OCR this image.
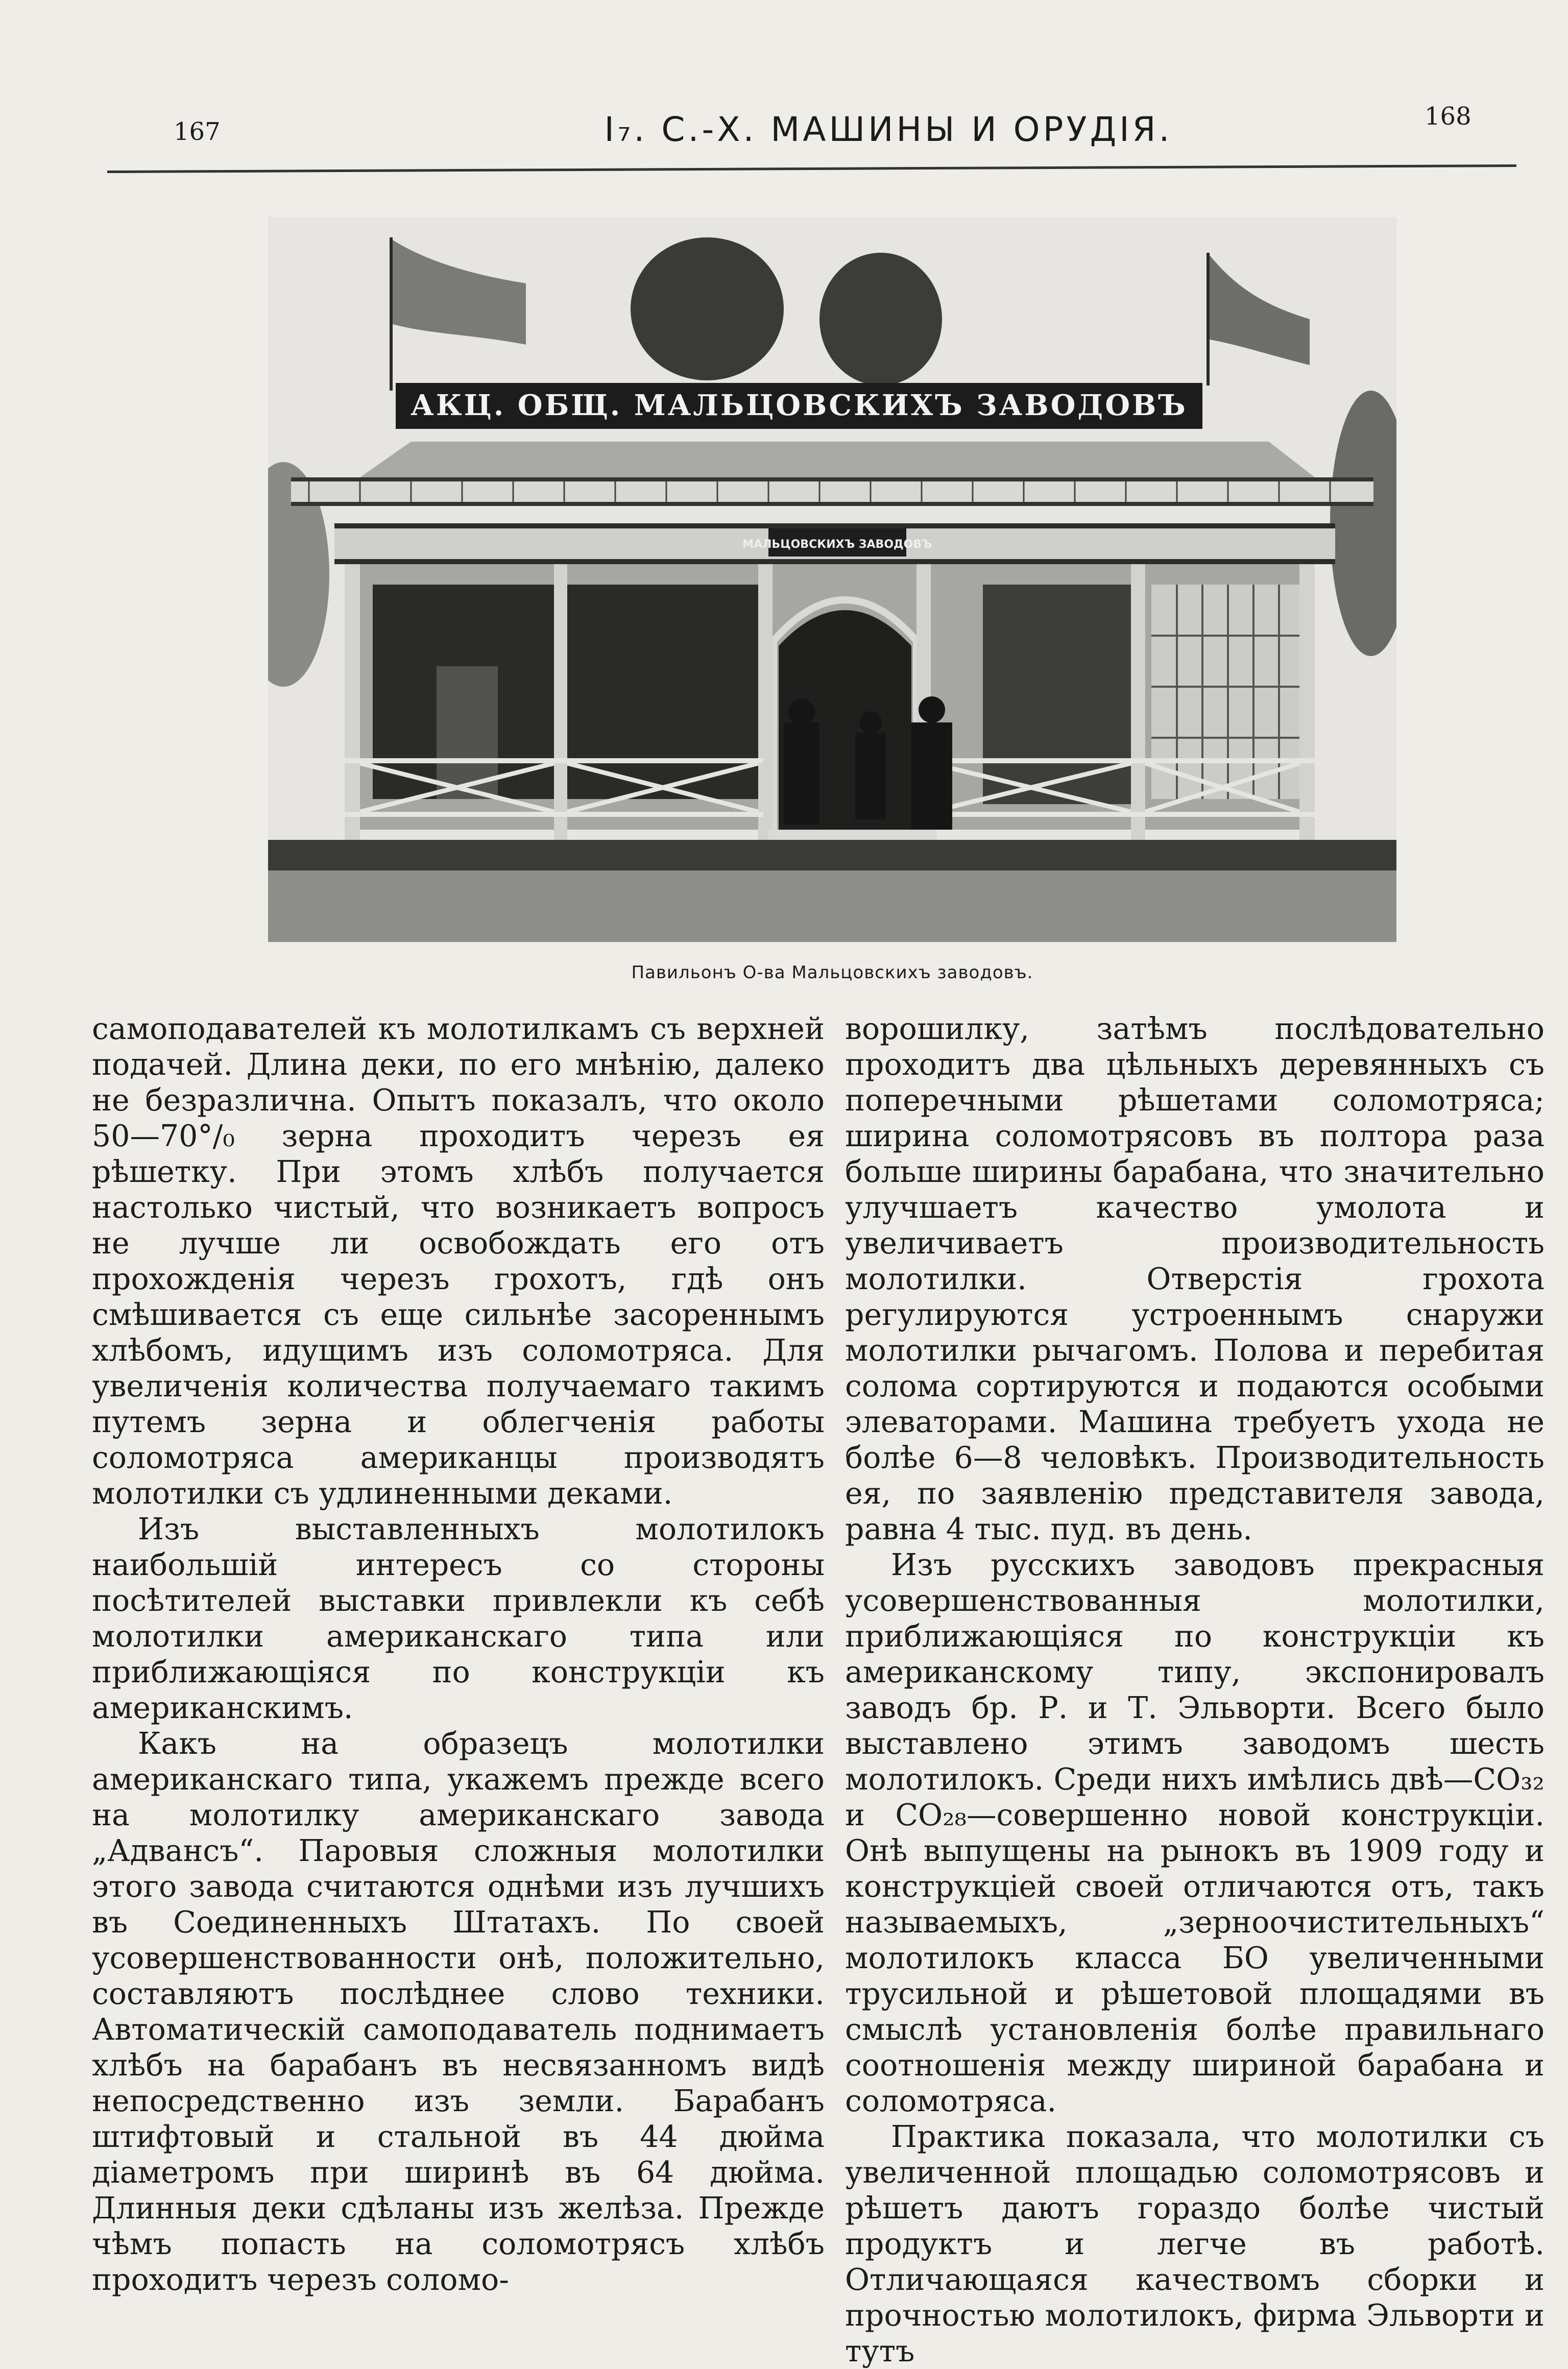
167	I₇. С.-Х. МАШИНЫ И ОРУДІЯ.	168
АКЦ. ОБЩ. МАЛЬЦОВСКИХЪ ЗАВОДОВЪ
МАЛЬЦОВСКИХЪ ЗАВОДОВЪ
Павильонъ О-ва Мальцовскихъ заводовъ.

самоподавателей къ молотилкамъ съ верхней подачей. Длина деки, по его мнѣнію, далеко не безразлична. Опытъ показалъ, что около 50—70°/₀ зерна проходитъ черезъ ея рѣшетку. При этомъ хлѣбъ получается настолько чистый, что возникаетъ вопросъ не лучше ли освобождать его отъ прохожденія черезъ грохотъ, гдѣ онъ смѣшивается съ еще сильнѣе засореннымъ хлѣбомъ, идущимъ изъ соломотряса. Для увеличенія количества получаемаго такимъ путемъ зерна и облегченія работы соломотряса американцы производятъ молотилки съ удлиненными деками.

Изъ выставленныхъ молотилокъ наибольшій интересъ со стороны посѣтителей выставки привлекли къ себѣ молотилки американскаго типа или приближающіяся по конструкціи къ американскимъ.

Какъ на образецъ молотилки американскаго типа, укажемъ прежде всего на молотилку американскаго завода „Адвансъ“. Паровыя сложныя молотилки этого завода считаются однѣми изъ лучшихъ въ Соединенныхъ Штатахъ. По своей усовершенствованности онѣ, положительно, составляютъ послѣднее слово техники. Автоматическій самоподаватель поднимаетъ хлѣбъ на барабанъ въ несвязанномъ видѣ непосредственно изъ земли. Барабанъ штифтовый и стальной въ 44 дюйма діаметромъ при ширинѣ въ 64 дюйма. Длинныя деки сдѣланы изъ желѣза. Прежде чѣмъ попасть на соломотрясъ хлѣбъ проходитъ черезъ соломо-

ворошилку, затѣмъ послѣдовательно проходитъ два цѣльныхъ деревянныхъ съ поперечными рѣшетами соломотряса; ширина соломотрясовъ въ полтора раза больше ширины барабана, что значительно улучшаетъ качество умолота и увеличиваетъ производительность молотилки. Отверстія грохота регулируются устроеннымъ снаружи молотилки рычагомъ. Полова и перебитая солома сортируются и подаются особыми элеваторами. Машина требуетъ ухода не болѣе 6—8 человѣкъ. Производительность ея, по заявленію представителя завода, равна 4 тыс. пуд. въ день.

Изъ русскихъ заводовъ прекрасныя усовершенствованныя молотилки, приближающіяся по конструкціи къ американскому типу, экспонировалъ заводъ бр. Р. и Т. Эльворти. Всего было выставлено этимъ заводомъ шесть молотилокъ. Среди нихъ имѣлись двѣ—CO₃₂ и CO₂₈—совершенно новой конструкціи. Онѣ выпущены на рынокъ въ 1909 году и конструкціей своей отличаются отъ, такъ называемыхъ, „зерноочистительныхъ“ молотилокъ класса БО увеличенными трусильной и рѣшетовой площадями въ смыслѣ установленія болѣе правильнаго соотношенія между шириной барабана и соломотряса.

Практика показала, что молотилки съ увеличенной площадью соломотрясовъ и рѣшетъ даютъ гораздо болѣе чистый продуктъ и легче въ работѣ. Отличающаяся качествомъ сборки и прочностью молотилокъ, фирма Эльворти и тутъ
